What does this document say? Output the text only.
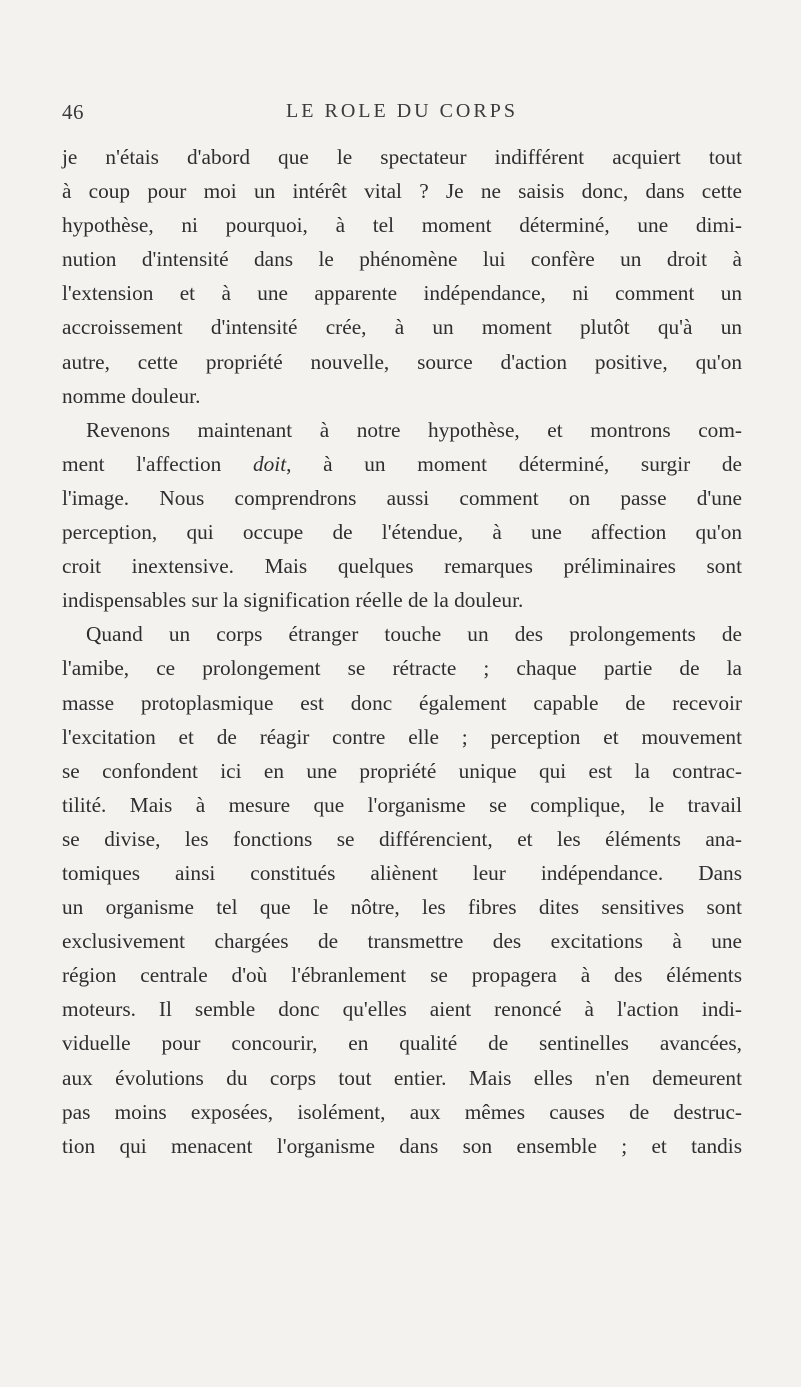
46	LE ROLE DU CORPS
je n'étais d'abord que le spectateur indifférent acquiert tout
à coup pour moi un intérêt vital ? Je ne saisis donc, dans cette
hypothèse, ni pourquoi, à tel moment déterminé, une dimi-
nution d'intensité dans le phénomène lui confère un droit à
l'extension et à une apparente indépendance, ni comment un
accroissement d'intensité crée, à un moment plutôt qu'à un
autre, cette propriété nouvelle, source d'action positive, qu'on
nomme douleur.
Revenons maintenant à notre hypothèse, et montrons com-
ment l'affection doit, à un moment déterminé, surgir de
l'image. Nous comprendrons aussi comment on passe d'une
perception, qui occupe de l'étendue, à une affection qu'on
croit inextensive. Mais quelques remarques préliminaires sont
indispensables sur la signification réelle de la douleur.
Quand un corps étranger touche un des prolongements de
l'amibe, ce prolongement se rétracte ; chaque partie de la
masse protoplasmique est donc également capable de recevoir
l'excitation et de réagir contre elle ; perception et mouvement
se confondent ici en une propriété unique qui est la contrac-
tilité. Mais à mesure que l'organisme se complique, le travail
se divise, les fonctions se différencient, et les éléments ana-
tomiques ainsi constitués aliènent leur indépendance. Dans
un organisme tel que le nôtre, les fibres dites sensitives sont
exclusivement chargées de transmettre des excitations à une
région centrale d'où l'ébranlement se propagera à des éléments
moteurs. Il semble donc qu'elles aient renoncé à l'action indi-
viduelle pour concourir, en qualité de sentinelles avancées,
aux évolutions du corps tout entier. Mais elles n'en demeurent
pas moins exposées, isolément, aux mêmes causes de destruc-
tion qui menacent l'organisme dans son ensemble ; et tandis
